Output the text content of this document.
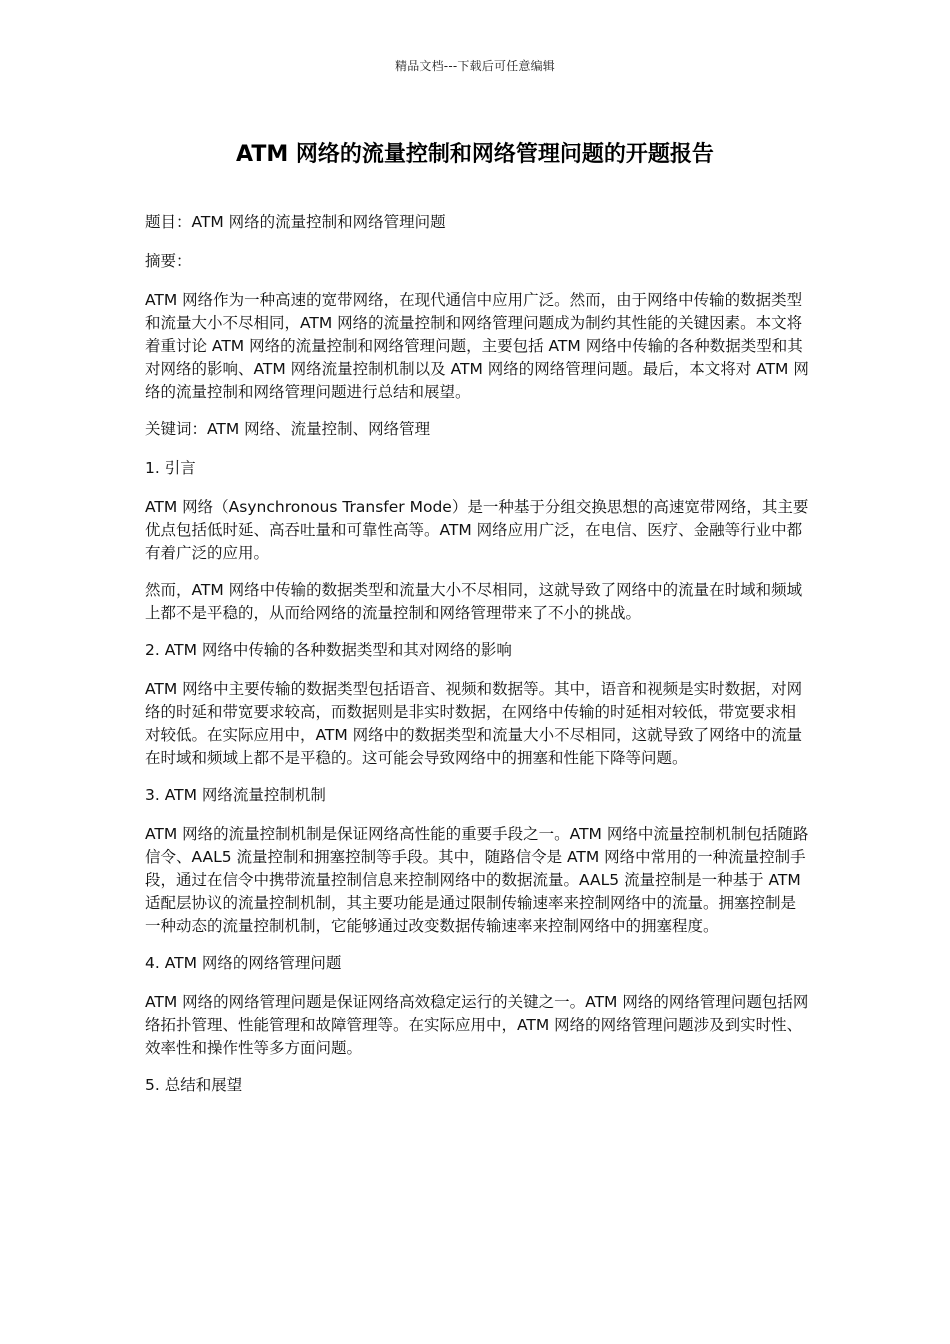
精品文档---下载后可任意编辑
ATM 网络的流量控制和网络管理问题的开题报告

题目：ATM 网络的流量控制和网络管理问题

摘要：

ATM 网络作为一种高速的宽带网络，在现代通信中应用广泛。然而，由于网络中传输的数据类型和流量大小不尽相同，ATM 网络的流量控制和网络管理问题成为制约其性能的关键因素。本文将着重讨论 ATM 网络的流量控制和网络管理问题，主要包括 ATM 网络中传输的各种数据类型和其对网络的影响、ATM 网络流量控制机制以及 ATM 网络的网络管理问题。最后，本文将对 ATM 网络的流量控制和网络管理问题进行总结和展望。

关键词：ATM 网络、流量控制、网络管理

1. 引言

ATM 网络（Asynchronous Transfer Mode）是一种基于分组交换思想的高速宽带网络，其主要优点包括低时延、高吞吐量和可靠性高等。ATM 网络应用广泛，在电信、医疗、金融等行业中都有着广泛的应用。

然而，ATM 网络中传输的数据类型和流量大小不尽相同，这就导致了网络中的流量在时域和频域上都不是平稳的，从而给网络的流量控制和网络管理带来了不小的挑战。

2. ATM 网络中传输的各种数据类型和其对网络的影响

ATM 网络中主要传输的数据类型包括语音、视频和数据等。其中，语音和视频是实时数据，对网络的时延和带宽要求较高，而数据则是非实时数据，在网络中传输的时延相对较低，带宽要求相对较低。在实际应用中，ATM 网络中的数据类型和流量大小不尽相同，这就导致了网络中的流量在时域和频域上都不是平稳的。这可能会导致网络中的拥塞和性能下降等问题。

3. ATM 网络流量控制机制

ATM 网络的流量控制机制是保证网络高性能的重要手段之一。ATM 网络中流量控制机制包括随路信令、AAL5 流量控制和拥塞控制等手段。其中，随路信令是 ATM 网络中常用的一种流量控制手段，通过在信令中携带流量控制信息来控制网络中的数据流量。AAL5 流量控制是一种基于 ATM 适配层协议的流量控制机制，其主要功能是通过限制传输速率来控制网络中的流量。拥塞控制是一种动态的流量控制机制，它能够通过改变数据传输速率来控制网络中的拥塞程度。

4. ATM 网络的网络管理问题

ATM 网络的网络管理问题是保证网络高效稳定运行的关键之一。ATM 网络的网络管理问题包括网络拓扑管理、性能管理和故障管理等。在实际应用中，ATM 网络的网络管理问题涉及到实时性、效率性和操作性等多方面问题。

5. 总结和展望
